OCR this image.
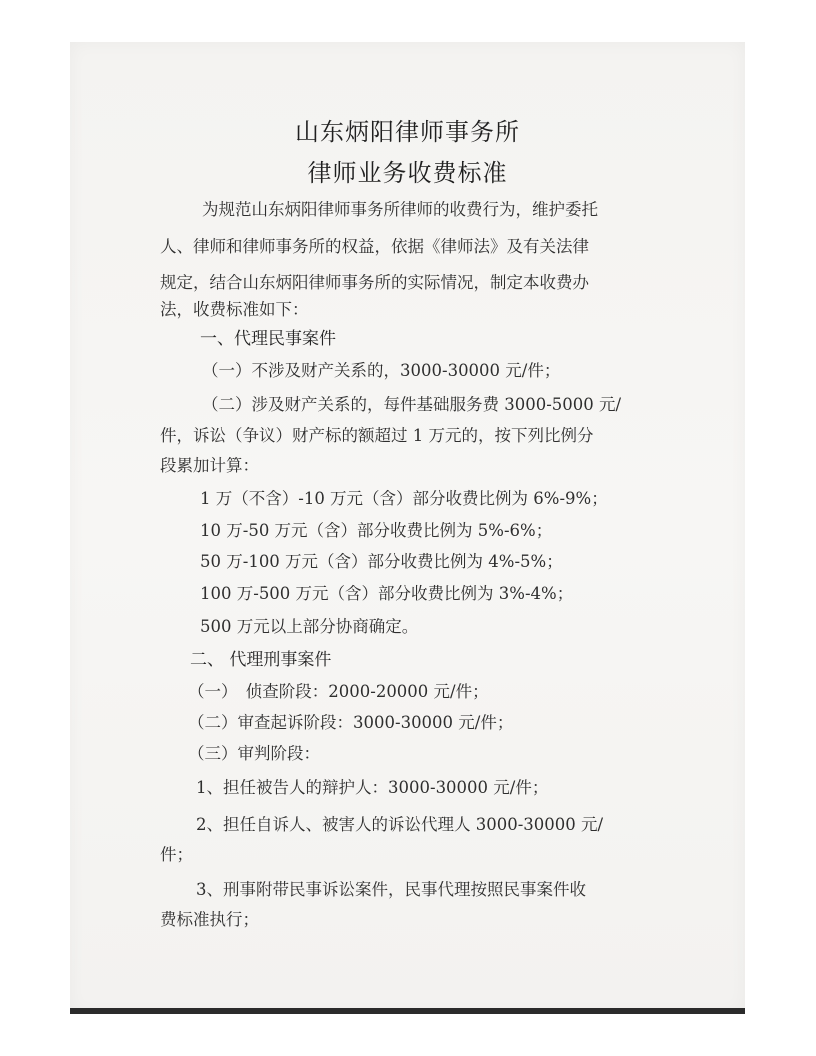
山东炳阳律师事务所
律师业务收费标准

为规范山东炳阳律师事务所律师的收费行为，维护委托

人、律师和律师事务所的权益，依据《律师法》及有关法律

规定，结合山东炳阳律师事务所的实际情况，制定本收费办

法，收费标准如下：

一、代理民事案件

（一）不涉及财产关系的，3000-30000 元/件；

（二）涉及财产关系的，每件基础服务费 3000-5000 元/

件，诉讼（争议）财产标的额超过 1 万元的，按下列比例分

段累加计算：

1 万（不含）-10 万元（含）部分收费比例为 6%-9%；

10 万-50 万元（含）部分收费比例为 5%-6%；

50 万-100 万元（含）部分收费比例为 4%-5%；

100 万-500 万元（含）部分收费比例为 3%-4%；

500 万元以上部分协商确定。

二、 代理刑事案件

（一）　侦查阶段：2000-20000 元/件；

（二）审查起诉阶段：3000-30000 元/件；

（三）审判阶段：

1、担任被告人的辩护人：3000-30000 元/件；

2、担任自诉人、被害人的诉讼代理人 3000-30000 元/

件；

3、刑事附带民事诉讼案件，民事代理按照民事案件收

费标准执行；
